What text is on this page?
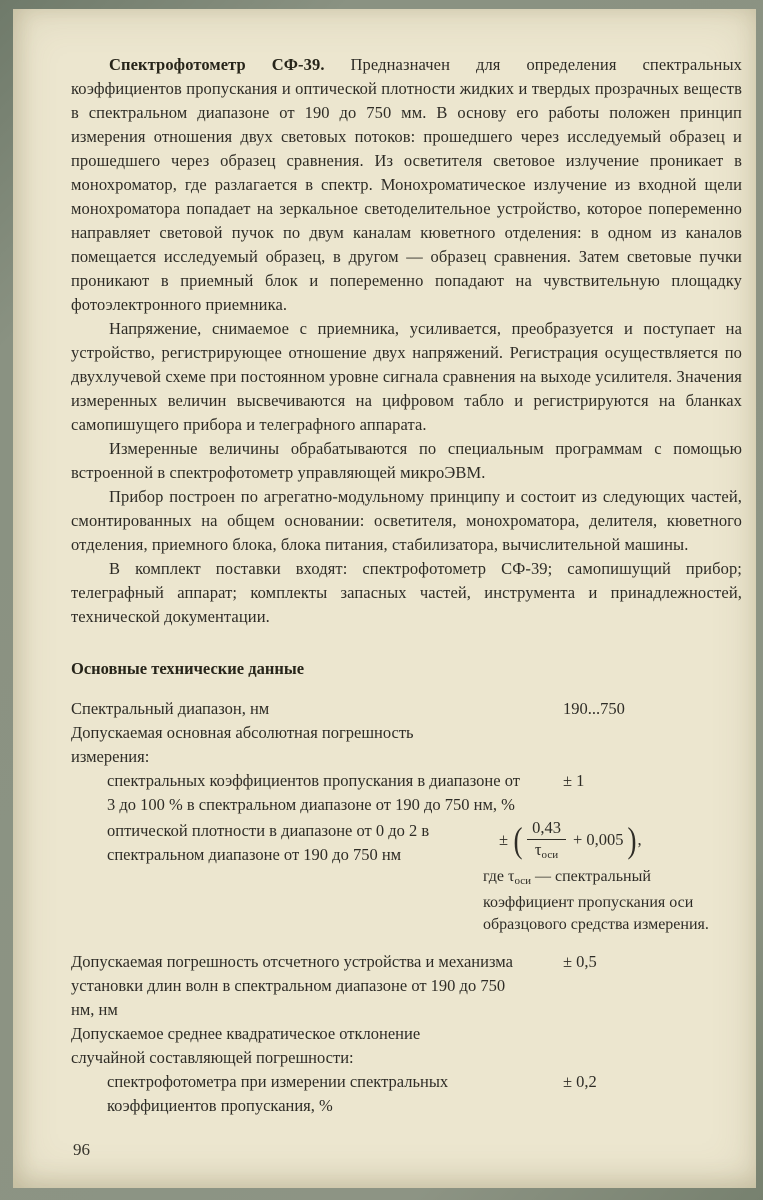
Спектрофотометр СФ-39. Предназначен для определения спектральных коэффициентов пропускания и оптической плотности жидких и твердых прозрачных веществ в спектральном диапазоне от 190 до 750 мм. В основу его работы положен принцип измерения отношения двух световых потоков: прошедшего через исследуемый образец и прошедшего через образец сравнения. Из осветителя световое излучение проникает в монохроматор, где разлагается в спектр. Монохроматическое излучение из входной щели монохроматора попадает на зеркальное светоделительное устройство, которое попеременно направляет световой пучок по двум каналам кюветного отделения: в одном из каналов помещается исследуемый образец, в другом — образец сравнения. Затем световые пучки проникают в приемный блок и попеременно попадают на чувствительную площадку фотоэлектронного приемника.

Напряжение, снимаемое с приемника, усиливается, преобразуется и поступает на устройство, регистрирующее отношение двух напряжений. Регистрация осуществляется по двухлучевой схеме при постоянном уровне сигнала сравнения на выходе усилителя. Значения измеренных величин высвечиваются на цифровом табло и регистрируются на бланках самопишущего прибора и телеграфного аппарата.

Измеренные величины обрабатываются по специальным программам с помощью встроенной в спектрофотометр управляющей микроЭВМ.

Прибор построен по агрегатно-модульному принципу и состоит из следующих частей, смонтированных на общем основании: осветителя, монохроматора, делителя, кюветного отделения, приемного блока, блока питания, стабилизатора, вычислительной машины.

В комплект поставки входят: спектрофотометр СФ-39; самопишущий прибор; телеграфный аппарат; комплекты запасных частей, инструмента и принадлежностей, технической документации.

Основные технические данные
Спектральный диапазон, нм	190...750
Допускаемая основная абсолютная погрешность измерения:
спектральных коэффициентов пропускания в диапазоне от 3 до 100 % в спектральном диапазоне от 190 до 750 нм, %
± 1
оптической плотности в диапазоне от 0 до 2 в спектральном диапазоне от 190 до 750 нм
± ( $\frac{0,43}{\tau_{оси}} + 0,005$ ) ,
где $\tau_{оси}$ — спектральный коэффициент пропускания оси образцового средства измерения.
Допускаемая погрешность отсчетного устройства и механизма установки длин волн в спектральном диапазоне от 190 до 750 нм, нм
± 0,5
Допускаемое среднее квадратическое отклонение случайной составляющей погрешности:
спектрофотометра при измерении спектральных коэффициентов пропускания, %
± 0,2
96
